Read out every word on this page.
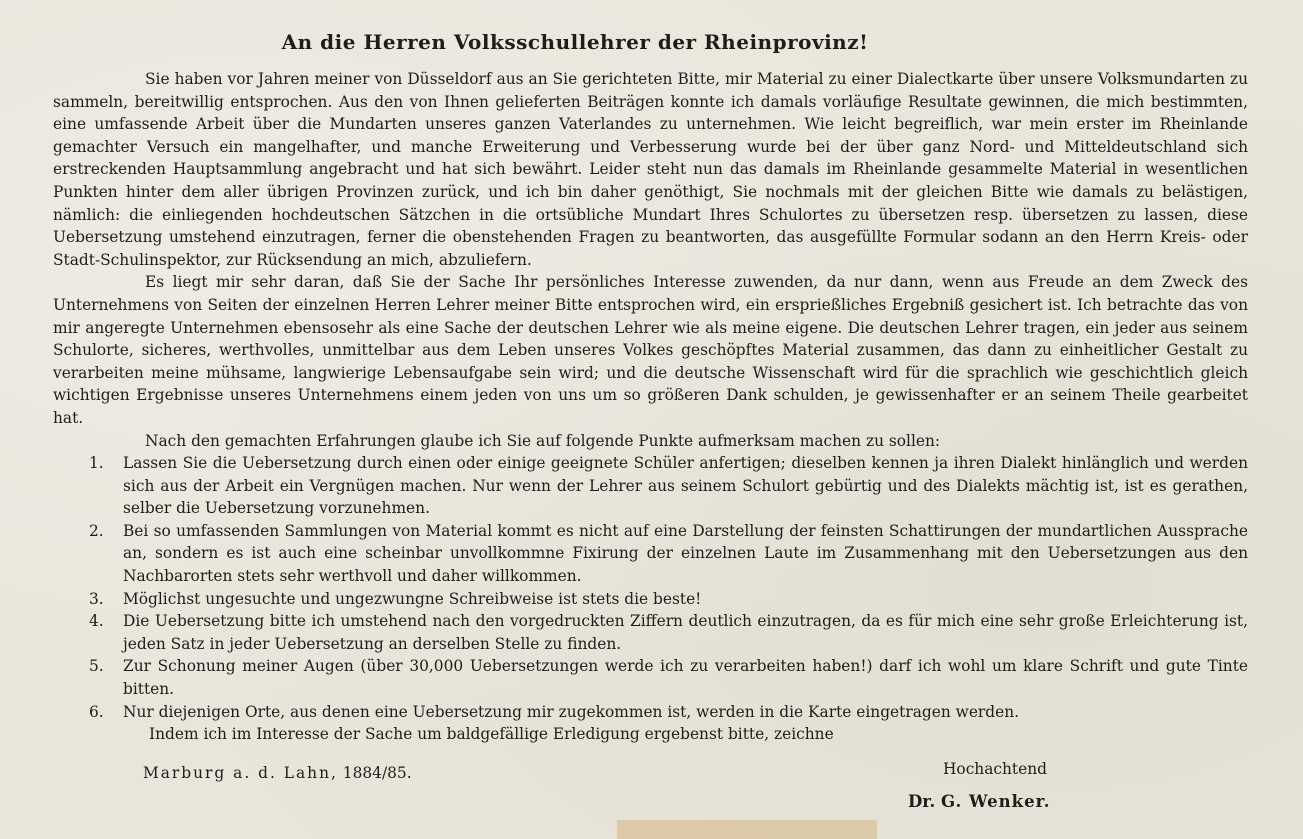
An die Herren Volksschullehrer der Rheinprovinz!

Sie haben vor Jahren meiner von Düsseldorf aus an Sie gerichteten Bitte, mir Material zu einer Dialectkarte über unsere Volksmundarten zu sammeln, bereitwillig entsprochen. Aus den von Ihnen gelieferten Beiträgen konnte ich damals vorläufige Resultate gewinnen, die mich bestimmten, eine umfassende Arbeit über die Mundarten unseres ganzen Vaterlandes zu unternehmen. Wie leicht begreiflich, war mein erster im Rheinlande gemachter Versuch ein mangelhafter, und manche Erweiterung und Verbesserung wurde bei der über ganz Nord- und Mitteldeutschland sich erstreckenden Hauptsammlung angebracht und hat sich bewährt. Leider steht nun das damals im Rheinlande gesammelte Material in wesentlichen Punkten hinter dem aller übrigen Provinzen zurück, und ich bin daher genöthigt, Sie nochmals mit der gleichen Bitte wie damals zu belästigen, nämlich: die einliegenden hochdeutschen Sätzchen in die ortsübliche Mundart Ihres Schulortes zu übersetzen resp. übersetzen zu lassen, diese Uebersetzung umstehend einzutragen, ferner die obenstehenden Fragen zu beantworten, das ausgefüllte Formular sodann an den Herrn Kreis- oder Stadt-Schulinspektor, zur Rücksendung an mich, abzuliefern.

Es liegt mir sehr daran, daß Sie der Sache Ihr persönliches Interesse zuwenden, da nur dann, wenn aus Freude an dem Zweck des Unternehmens von Seiten der einzelnen Herren Lehrer meiner Bitte entsprochen wird, ein ersprießliches Ergebniß gesichert ist. Ich betrachte das von mir angeregte Unternehmen ebensosehr als eine Sache der deutschen Lehrer wie als meine eigene. Die deutschen Lehrer tragen, ein jeder aus seinem Schulorte, sicheres, werthvolles, unmittelbar aus dem Leben unseres Volkes geschöpftes Material zusammen, das dann zu einheitlicher Gestalt zu verarbeiten meine mühsame, langwierige Lebensaufgabe sein wird; und die deutsche Wissenschaft wird für die sprachlich wie geschichtlich gleich wichtigen Ergebnisse unseres Unternehmens einem jeden von uns um so größeren Dank schulden, je gewissenhafter er an seinem Theile gearbeitet hat.

Nach den gemachten Erfahrungen glaube ich Sie auf folgende Punkte aufmerksam machen zu sollen:

1. Lassen Sie die Uebersetzung durch einen oder einige geeignete Schüler anfertigen; dieselben kennen ja ihren Dialekt hinlänglich und werden sich aus der Arbeit ein Vergnügen machen. Nur wenn der Lehrer aus seinem Schulort gebürtig und des Dialekts mächtig ist, ist es gerathen, selber die Uebersetzung vorzunehmen.
2. Bei so umfassenden Sammlungen von Material kommt es nicht auf eine Darstellung der feinsten Schattirungen der mundartlichen Aussprache an, sondern es ist auch eine scheinbar unvollkommne Fixirung der einzelnen Laute im Zusammenhang mit den Uebersetzungen aus den Nachbarorten stets sehr werthvoll und daher willkommen.
3. Möglichst ungesuchte und ungezwungne Schreibweise ist stets die beste!
4. Die Uebersetzung bitte ich umstehend nach den vorgedruckten Ziffern deutlich einzutragen, da es für mich eine sehr große Erleichterung ist, jeden Satz in jeder Uebersetzung an derselben Stelle zu finden.
5. Zur Schonung meiner Augen (über 30,000 Uebersetzungen werde ich zu verarbeiten haben!) darf ich wohl um klare Schrift und gute Tinte bitten.
6. Nur diejenigen Orte, aus denen eine Uebersetzung mir zugekommen ist, werden in die Karte eingetragen werden.

Indem ich im Interesse der Sache um baldgefällige Erledigung ergebenst bitte, zeichne

Marburg a. d. Lahn, 1884/85.	Hochachtend
Dr. G. Wenker.
